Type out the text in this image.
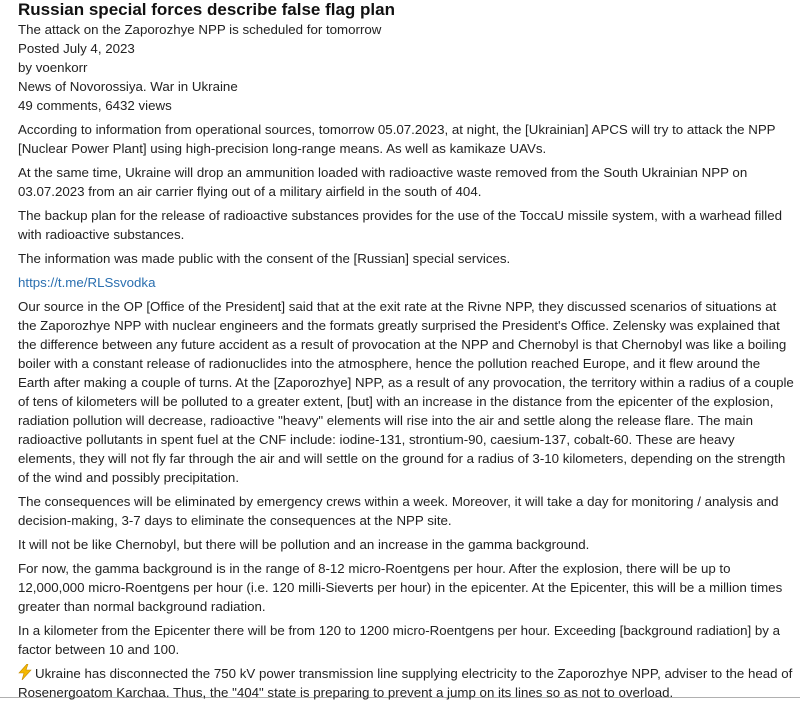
Russian special forces describe false flag plan
The attack on the Zaporozhye NPP is scheduled for tomorrow
Posted July 4, 2023
by voenkorr
News of Novorossiya. War in Ukraine
49 comments, 6432 views

According to information from operational sources, tomorrow 05.07.2023, at night, the [Ukrainian] APCS will try to attack the NPP [Nuclear Power Plant] using high-precision long-range means. As well as kamikaze UAVs.

At the same time, Ukraine will drop an ammunition loaded with radioactive waste removed from the South Ukrainian NPP on 03.07.2023 from an air carrier flying out of a military airfield in the south of 404.

The backup plan for the release of radioactive substances provides for the use of the ToccaU missile system, with a warhead filled with radioactive substances.

The information was made public with the consent of the [Russian] special services.

https://t.me/RLSsvodka

Our source in the OP [Office of the President] said that at the exit rate at the Rivne NPP, they discussed scenarios of situations at the Zaporozhye NPP with nuclear engineers and the formats greatly surprised the President's Office. Zelensky was explained that the difference between any future accident as a result of provocation at the NPP and Chernobyl is that Chernobyl was like a boiling boiler with a constant release of radionuclides into the atmosphere, hence the pollution reached Europe, and it flew around the Earth after making a couple of turns. At the [Zaporozhye] NPP, as a result of any provocation, the territory within a radius of a couple of tens of kilometers will be polluted to a greater extent, [but] with an increase in the distance from the epicenter of the explosion, radiation pollution will decrease, radioactive "heavy" elements will rise into the air and settle along the release flare. The main radioactive pollutants in spent fuel at the CNF include: iodine-131, strontium-90, caesium-137, cobalt-60. These are heavy elements, they will not fly far through the air and will settle on the ground for a radius of 3-10 kilometers, depending on the strength of the wind and possibly precipitation.

The consequences will be eliminated by emergency crews within a week. Moreover, it will take a day for monitoring / analysis and decision-making, 3-7 days to eliminate the consequences at the NPP site.

It will not be like Chernobyl, but there will be pollution and an increase in the gamma background.

For now, the gamma background is in the range of 8-12 micro-Roentgens per hour. After the explosion, there will be up to 12,000,000 micro-Roentgens per hour (i.e. 120 milli-Sieverts per hour) in the epicenter. At the Epicenter, this will be a million times greater than normal background radiation.

In a kilometer from the Epicenter there will be from 120 to 1200 micro-Roentgens per hour. Exceeding [background radiation] by a factor between 10 and 100.

Ukraine has disconnected the 750 kV power transmission line supplying electricity to the Zaporozhye NPP, adviser to the head of Rosenergoatom Karchaa. Thus, the "404" state is preparing to prevent a jump on its lines so as not to overload.
